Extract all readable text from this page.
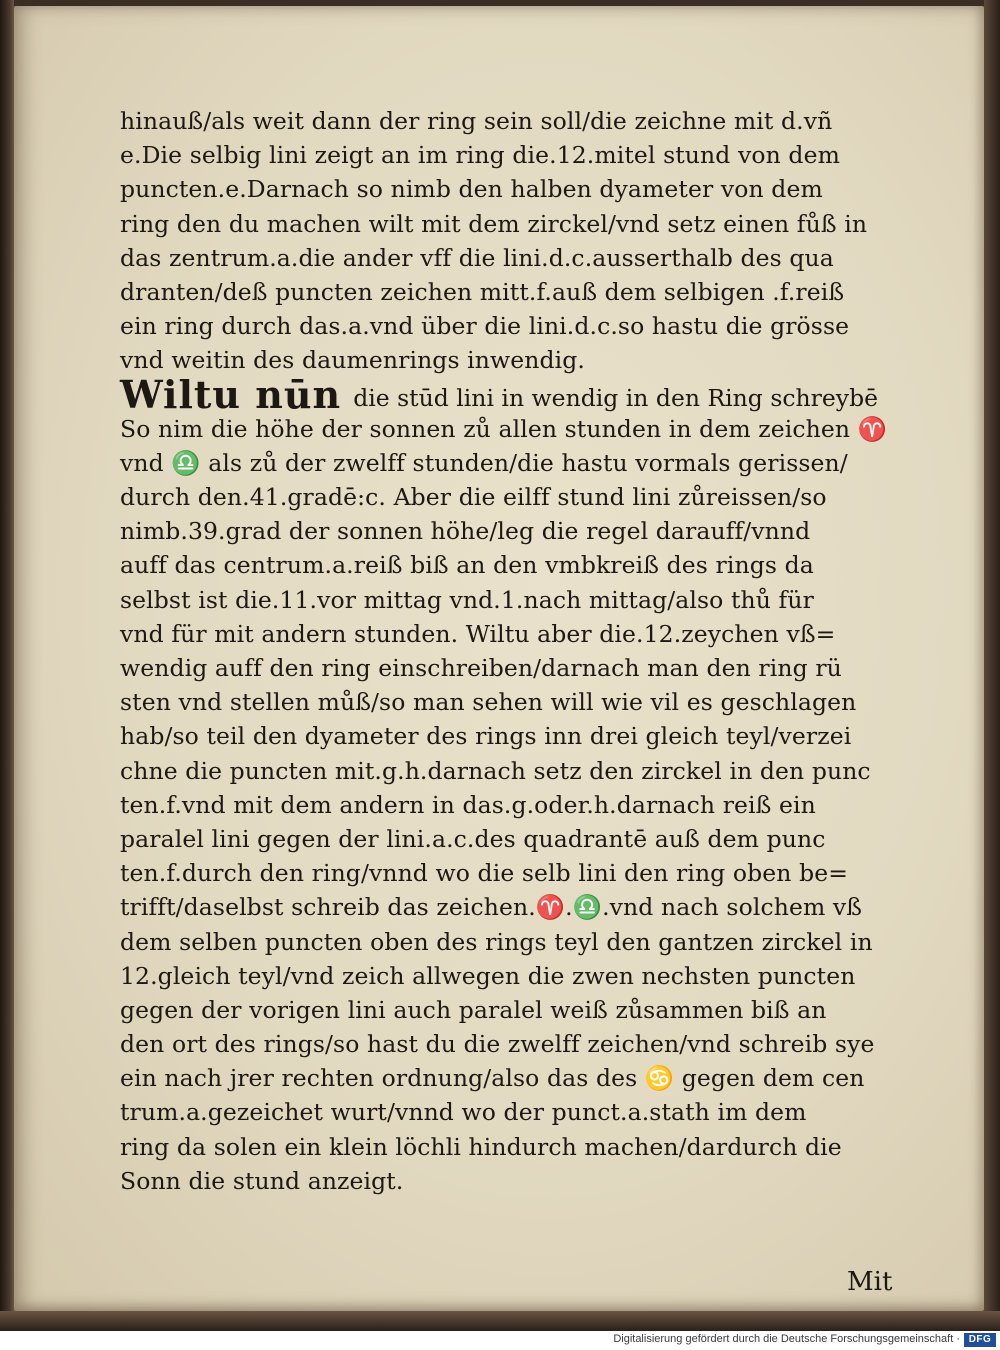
hinauß/als weit dann der ring sein soll/die zeichne mit d.vñ
e.Die selbig lini zeigt an im ring die.12.mitel stund von dem
puncten.e.Darnach so nimb den halben dyameter von dem
ring den du machen wilt mit dem zirckel/vnd setz einen fůß in
das zentrum.a.die ander vff die lini.d.c.ausserthalb des qua
dranten/deß puncten zeichen mitt.f.auß dem selbigen .f.reiß
ein ring durch das.a.vnd über die lini.d.c.so hastu die grösse
vnd weitin des daumenrings inwendig.
Wiltu nūn die stūd lini in wendig in den Ring schreybē
So nim die höhe der sonnen zů allen stunden in dem zeichen ♈
vnd ♎ als zů der zwelff stunden/die hastu vormals gerissen/
durch den.41.gradē:c. Aber die eilff stund lini zůreissen/so
nimb.39.grad der sonnen höhe/leg die regel darauff/vnnd
auff das centrum.a.reiß biß an den vmbkreiß des rings da
selbst ist die.11.vor mittag vnd.1.nach mittag/also thů für
vnd für mit andern stunden. Wiltu aber die.12.zeychen vß=
wendig auff den ring einschreiben/darnach man den ring rü
sten vnd stellen můß/so man sehen will wie vil es geschlagen
hab/so teil den dyameter des rings inn drei gleich teyl/verzei
chne die puncten mit.g.h.darnach setz den zirckel in den punc
ten.f.vnd mit dem andern in das.g.oder.h.darnach reiß ein
paralel lini gegen der lini.a.c.des quadrantē auß dem punc
ten.f.durch den ring/vnnd wo die selb lini den ring oben be=
trifft/daselbst schreib das zeichen.♈.♎.vnd nach solchem vß
dem selben puncten oben des rings teyl den gantzen zirckel in
12.gleich teyl/vnd zeich allwegen die zwen nechsten puncten
gegen der vorigen lini auch paralel weiß zůsammen biß an
den ort des rings/so hast du die zwelff zeichen/vnd schreib sye
ein nach jrer rechten ordnung/also das des ♋ gegen dem cen
trum.a.gezeichet wurt/vnnd wo der punct.a.stath im dem
ring da solen ein klein löchli hindurch machen/dardurch die
Sonn die stund anzeigt.
Mit
Digitalisierung gefördert durch die Deutsche Forschungsgemeinschaft · DFG
